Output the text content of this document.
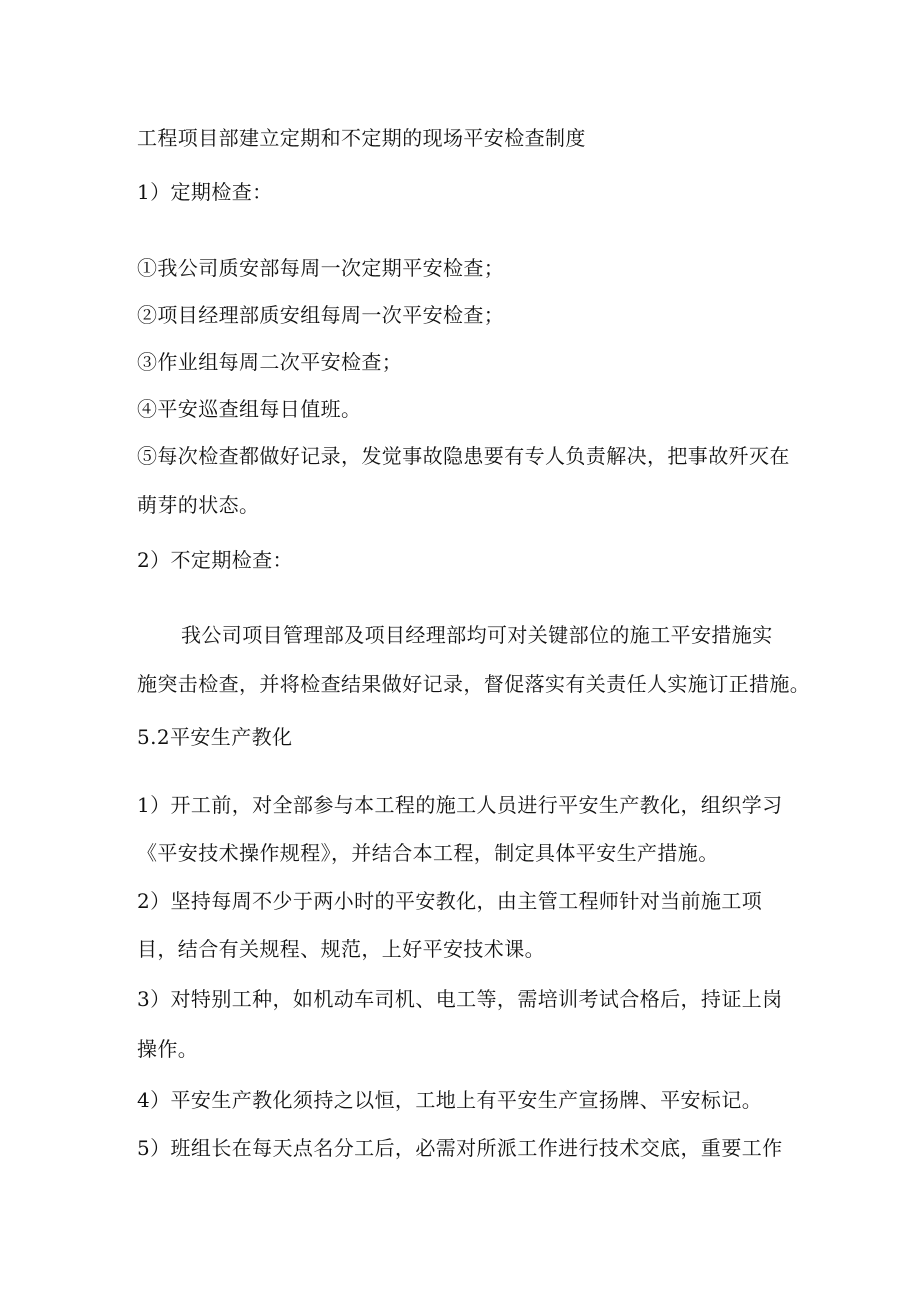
工程项目部建立定期和不定期的现场平安检查制度
1）定期检查：
①我公司质安部每周一次定期平安检查；
②项目经理部质安组每周一次平安检查；
③作业组每周二次平安检查；
④平安巡查组每日值班。
⑤每次检查都做好记录，发觉事故隐患要有专人负责解决，把事故歼灭在
萌芽的状态。
2）不定期检查：
我公司项目管理部及项目经理部均可对关键部位的施工平安措施实
施突击检查，并将检查结果做好记录，督促落实有关责任人实施订正措施。
5.2平安生产教化
1）开工前，对全部参与本工程的施工人员进行平安生产教化，组织学习
《平安技术操作规程》，并结合本工程，制定具体平安生产措施。
2）坚持每周不少于两小时的平安教化，由主管工程师针对当前施工项
目，结合有关规程、规范，上好平安技术课。
3）对特别工种，如机动车司机、电工等，需培训考试合格后，持证上岗
操作。
4）平安生产教化须持之以恒，工地上有平安生产宣扬牌、平安标记。
5）班组长在每天点名分工后，必需对所派工作进行技术交底，重要工作
